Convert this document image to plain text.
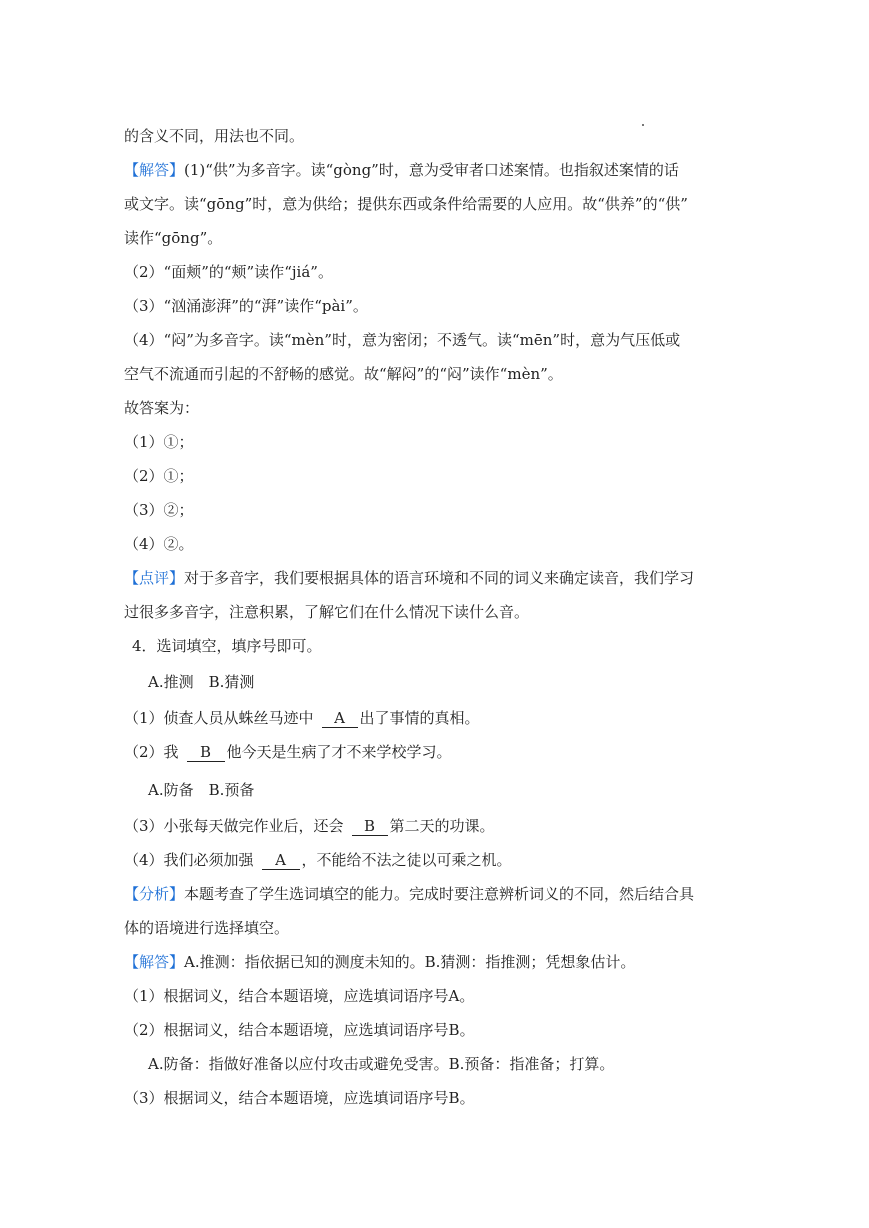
的含义不同，用法也不同。
【解答】(1)“供”为多音字。读“gòng”时，意为受审者口述案情。也指叙述案情的话
或文字。读“gōng”时，意为供给；提供东西或条件给需要的人应用。故“供养”的“供”
读作“gōng”。
（2）“面颊”的“颊”读作“jiá”。
（3）“汹涌澎湃”的“湃”读作“pài”。
（4）“闷”为多音字。读“mèn”时，意为密闭；不透气。读“mēn”时，意为气压低或
空气不流通而引起的不舒畅的感觉。故“解闷”的“闷”读作“mèn”。
故答案为：
（1）①；
（2）①；
（3）②；
（4）②。
【点评】对于多音字，我们要根据具体的语言环境和不同的词义来确定读音，我们学习
过很多多音字，注意积累，了解它们在什么情况下读什么音。
4．选词填空，填序号即可。
A.推测　B.猜测
（1）侦查人员从蛛丝马迹中 A 出了事情的真相。
（2）我 B 他今天是生病了才不来学校学习。
A.防备　B.预备
（3）小张每天做完作业后，还会 B 第二天的功课。
（4）我们必须加强 A ，不能给不法之徒以可乘之机。
【分析】本题考查了学生选词填空的能力。完成时要注意辨析词义的不同，然后结合具
体的语境进行选择填空。
【解答】A.推测：指依据已知的测度未知的。B.猜测：指推测；凭想象估计。
（1）根据词义，结合本题语境，应选填词语序号A。
（2）根据词义，结合本题语境，应选填词语序号B。
A.防备：指做好准备以应付攻击或避免受害。B.预备：指准备；打算。
（3）根据词义，结合本题语境，应选填词语序号B。
